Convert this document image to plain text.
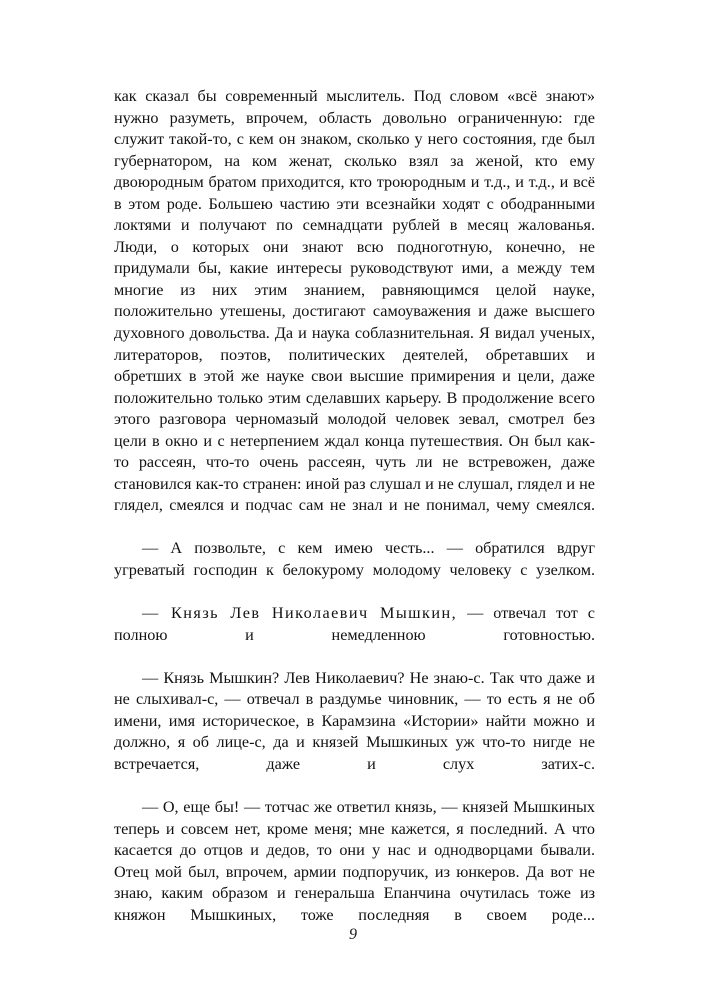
как сказал бы современный мыслитель. Под словом «всё знают» нужно разуметь, впрочем, область довольно ограниченную: где служит такой-то, с кем он знаком, сколько у него состояния, где был губернатором, на ком женат, сколько взял за женой, кто ему двоюродным братом приходится, кто троюродным и т.д., и т.д., и всё в этом роде. Большею частию эти всезнайки ходят с ободранными локтями и получают по семнадцати рублей в месяц жалованья. Люди, о которых они знают всю подноготную, конечно, не придумали бы, какие интересы руководствуют ими, а между тем многие из них этим знанием, равняющимся целой науке, положительно утешены, достигают самоуважения и даже высшего духовного довольства. Да и наука соблазнительная. Я видал ученых, литераторов, поэтов, политических деятелей, обретавших и обретших в этой же науке свои высшие примирения и цели, даже положительно только этим сделавших карьеру. В продолжение всего этого разговора черномазый молодой человек зевал, смотрел без цели в окно и с нетерпением ждал конца путешествия. Он был как-то рассеян, что-то очень рассеян, чуть ли не встревожен, даже становился как-то странен: иной раз слушал и не слушал, глядел и не глядел, смеялся и подчас сам не знал и не понимал, чему смеялся.

— А позвольте, с кем имею честь... — обратился вдруг угреватый господин к белокурому молодому человеку с узелком.

— Князь Лев Николаевич Мышкин, — отвечал тот с полною и немедленною готовностью.

— Князь Мышкин? Лев Николаевич? Не знаю-с. Так что даже и не слыхивал-с, — отвечал в раздумье чиновник, — то есть я не об имени, имя историческое, в Карамзина «Истории» найти можно и должно, я об лице-с, да и князей Мышкиных уж что-то нигде не встречается, даже и слух затих-с.

— О, еще бы! — тотчас же ответил князь, — князей Мышкиных теперь и совсем нет, кроме меня; мне кажется, я последний. А что касается до отцов и дедов, то они у нас и однодворцами бывали. Отец мой был, впрочем, армии подпоручик, из юнкеров. Да вот не знаю, каким образом и генеральша Епанчина очутилась тоже из княжон Мышкиных, тоже последняя в своем роде...

9
